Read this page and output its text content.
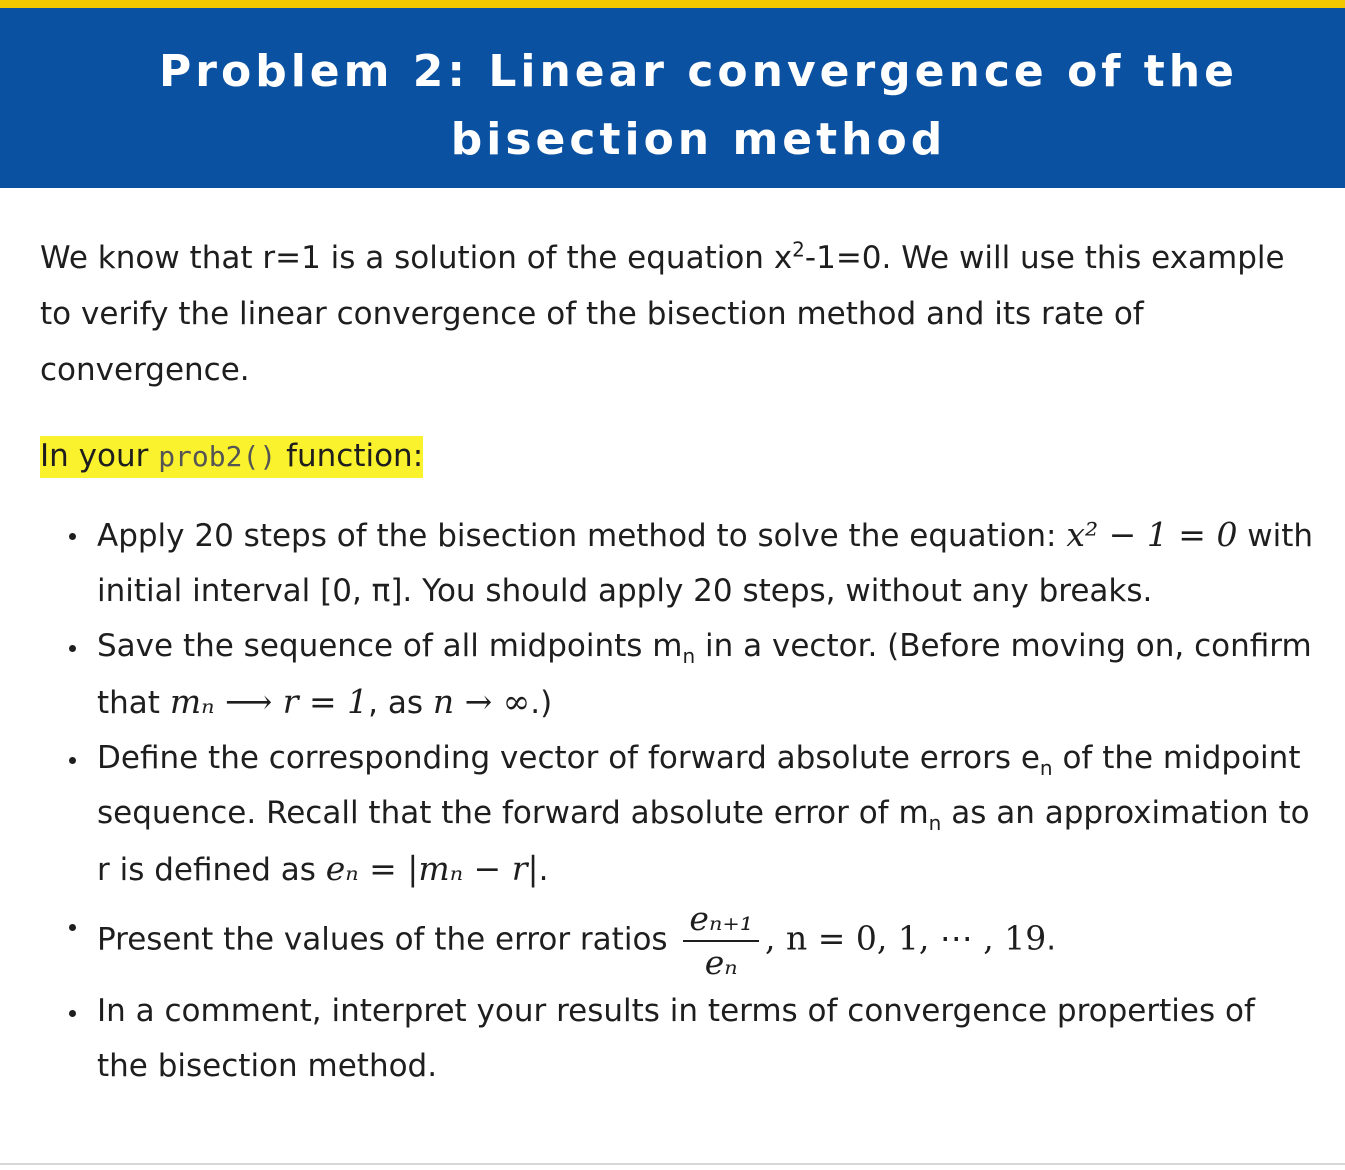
Problem 2: Linear convergence of the bisection method

We know that r=1 is a solution of the equation $x^2-1=0$. We will use this example to verify the linear convergence of the bisection method and its rate of convergence.

In your prob2() function:
Apply 20 steps of the bisection method to solve the equation: x² − 1 = 0 with initial interval [0, π]. You should apply 20 steps, without any breaks.
Save the sequence of all midpoints $m_n$ in a vector. (Before moving on, confirm that mₙ ⟶ r = 1, as n → ∞.)
Define the corresponding vector of forward absolute errors $e_n$ of the midpoint sequence. Recall that the forward absolute error of $m_n$ as an approximation to r is defined as eₙ = |mₙ − r|.
Present the values of the error ratios $\frac{\text{eₙ₊₁}}{\text{eₙ}}$ , n = 0, 1, ⋯ , 19.
In a comment, interpret your results in terms of convergence properties of the bisection method.
